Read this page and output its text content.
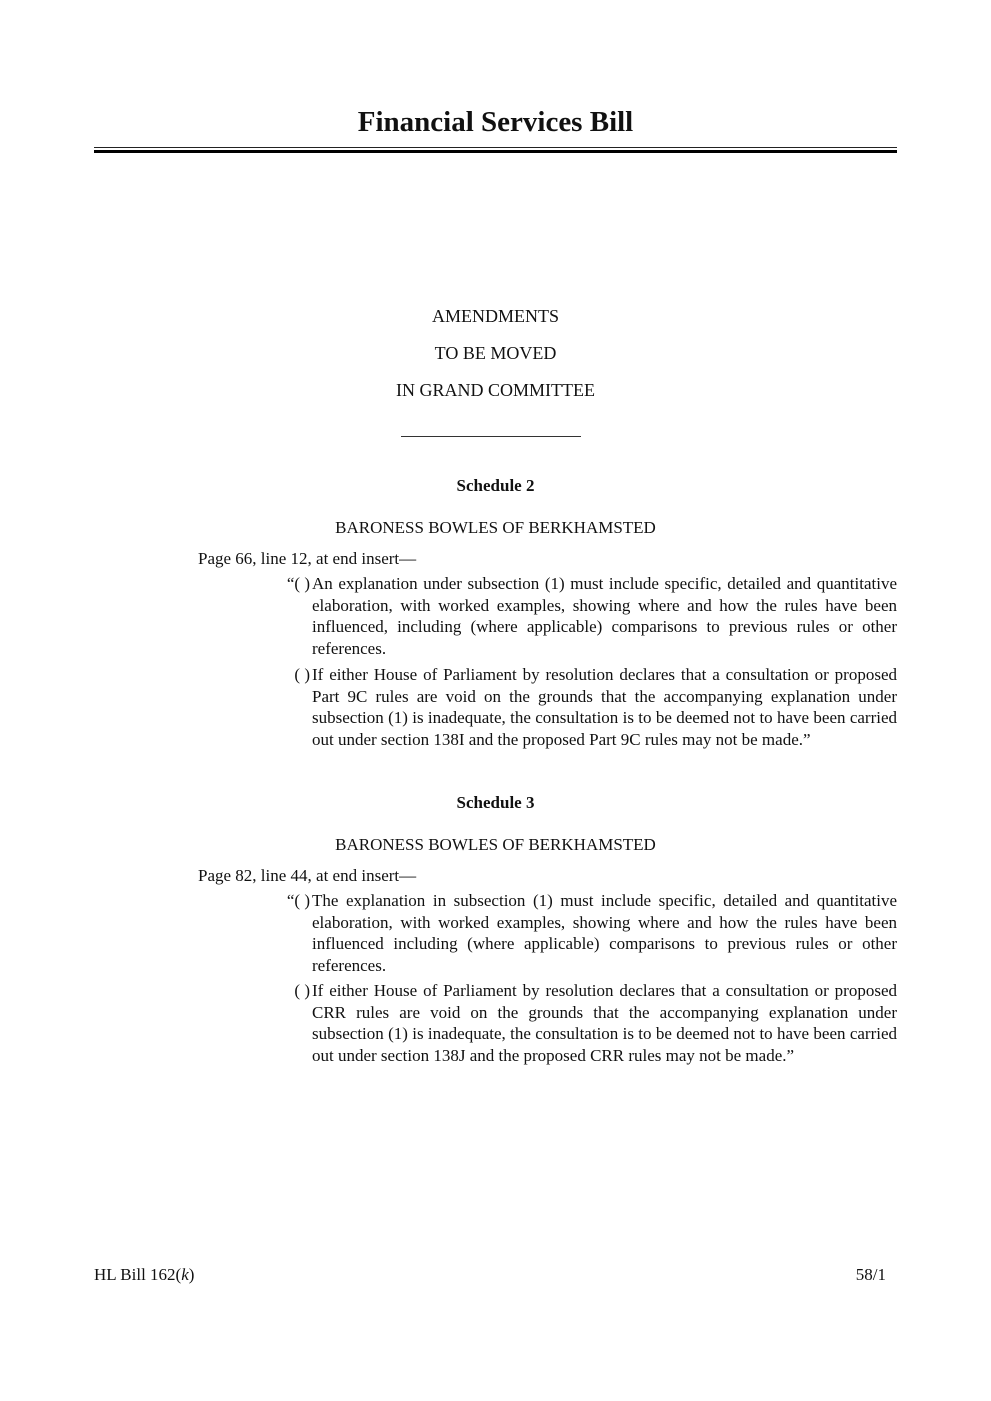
Financial Services Bill
AMENDMENTS
TO BE MOVED
IN GRAND COMMITTEE
Schedule 2
BARONESS BOWLES OF BERKHAMSTED
Page 66, line 12, at end insert—
“( ) An explanation under subsection (1) must include specific, detailed and quantitative elaboration, with worked examples, showing where and how the rules have been influenced, including (where applicable) comparisons to previous rules or other references.
( ) If either House of Parliament by resolution declares that a consultation or proposed Part 9C rules are void on the grounds that the accompanying explanation under subsection (1) is inadequate, the consultation is to be deemed not to have been carried out under section 138I and the proposed Part 9C rules may not be made.”
Schedule 3
BARONESS BOWLES OF BERKHAMSTED
Page 82, line 44, at end insert—
“( ) The explanation in subsection (1) must include specific, detailed and quantitative elaboration, with worked examples, showing where and how the rules have been influenced including (where applicable) comparisons to previous rules or other references.
( ) If either House of Parliament by resolution declares that a consultation or proposed CRR rules are void on the grounds that the accompanying explanation under subsection (1) is inadequate, the consultation is to be deemed not to have been carried out under section 138J and the proposed CRR rules may not be made.”
HL Bill 162(k)	58/1
